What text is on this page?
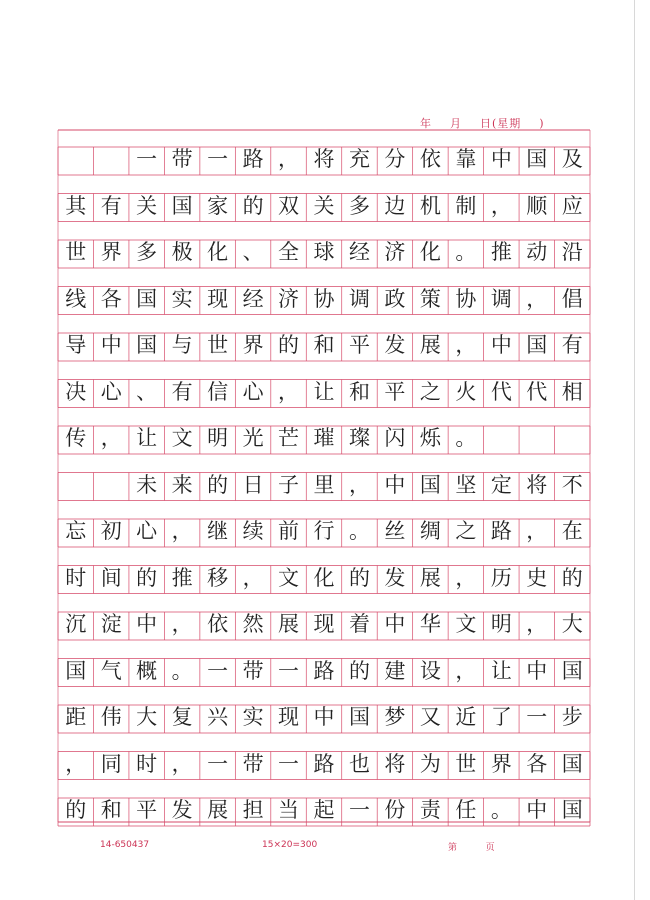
年    月    日(星期    )
一 带 一 路 ， 将 充 分 依 靠 中 国 及
其 有 关 国 家 的 双 关 多 边 机 制 ， 顺 应
世 界 多 极 化 、 全 球 经 济 化 。 推 动 沿
线 各 国 实 现 经 济 协 调 政 策 协 调 ， 倡
导 中 国 与 世 界 的 和 平 发 展 ， 中 国 有
决 心 、 有 信 心 ， 让 和 平 之 火 代 代 相
传 ， 让 文 明 光 芒 璀 璨 闪 烁 。
未 来 的 日 子 里 ， 中 国 坚 定 将 不
忘 初 心 ， 继 续 前 行 。 丝 绸 之 路 ， 在
时 间 的 推 移 ， 文 化 的 发 展 ， 历 史 的
沉 淀 中 ， 依 然 展 现 着 中 华 文 明 ， 大
国 气 概 。 一 带 一 路 的 建 设 ， 让 中 国
距 伟 大 复 兴 实 现 中 国 梦 又 近 了 一 步
， 同 时 ， 一 带 一 路 也 将 为 世 界 各 国
的 和 平 发 展 担 当 起 一 份 责 任 。 中 国
14-650437	15×20=300	第          页
